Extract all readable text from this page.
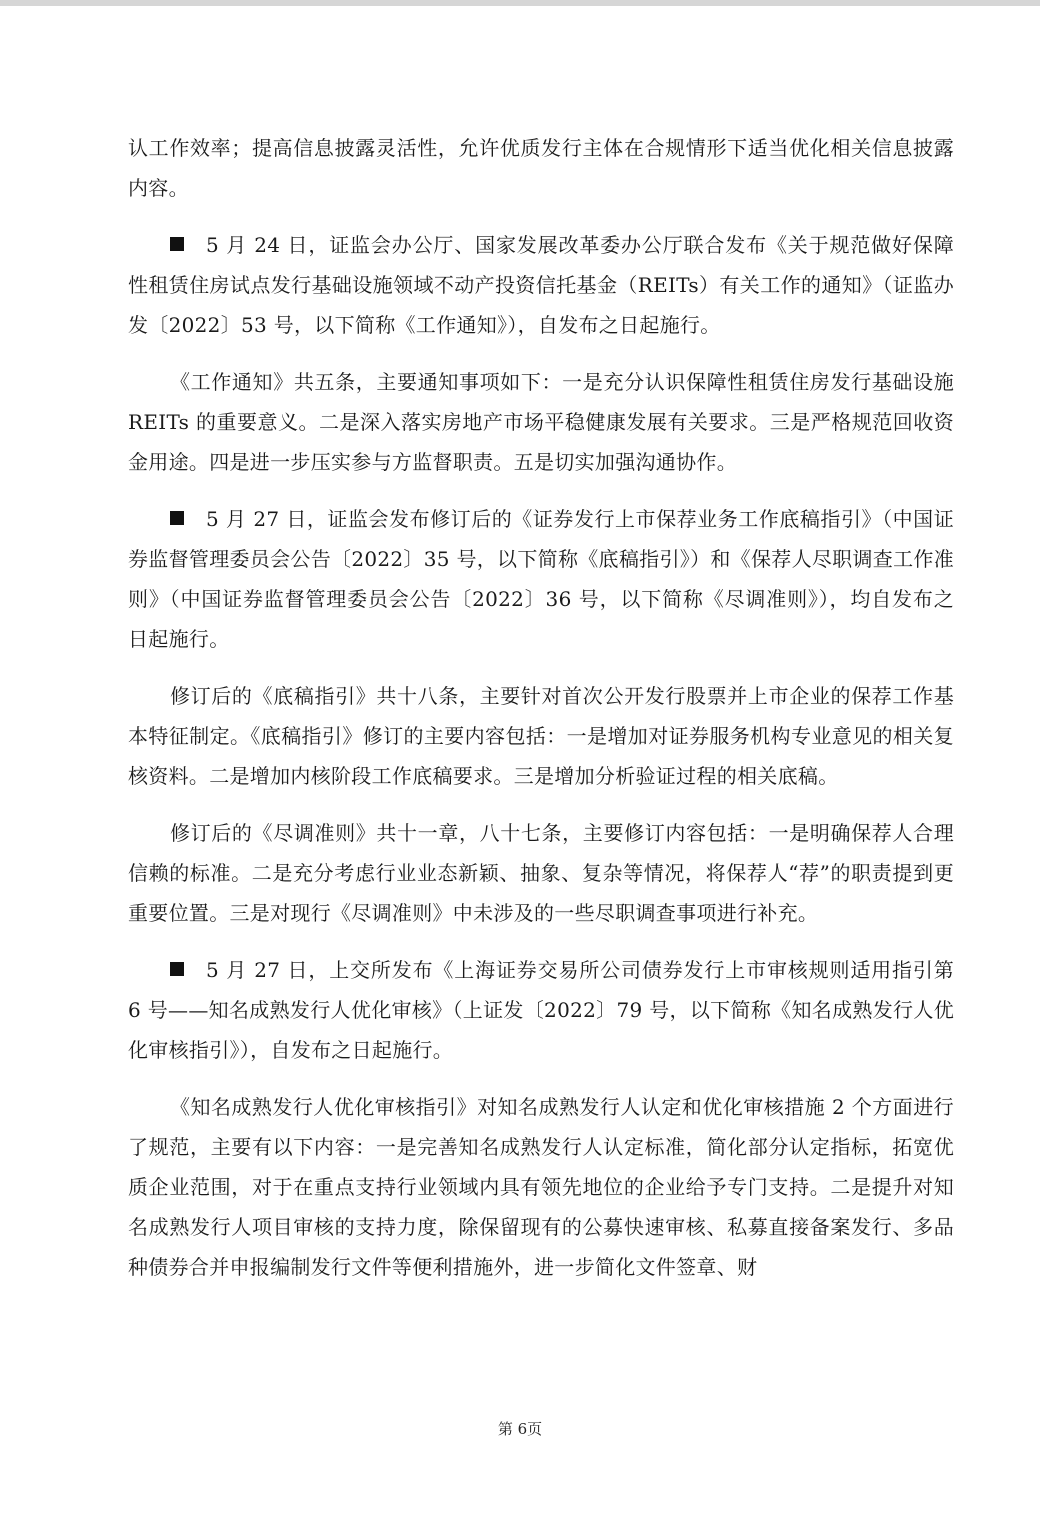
认工作效率；提高信息披露灵活性，允许优质发行主体在合规情形下适当优化相关信息披露内容。

5 月 24 日，证监会办公厅、国家发展改革委办公厅联合发布《关于规范做好保障性租赁住房试点发行基础设施领域不动产投资信托基金（REITs）有关工作的通知》（证监办发〔2022〕53 号，以下简称《工作通知》），自发布之日起施行。

《工作通知》共五条，主要通知事项如下：一是充分认识保障性租赁住房发行基础设施 REITs 的重要意义。二是深入落实房地产市场平稳健康发展有关要求。三是严格规范回收资金用途。四是进一步压实参与方监督职责。五是切实加强沟通协作。

5 月 27 日，证监会发布修订后的《证券发行上市保荐业务工作底稿指引》（中国证券监督管理委员会公告〔2022〕35 号，以下简称《底稿指引》）和《保荐人尽职调查工作准则》（中国证券监督管理委员会公告〔2022〕36 号，以下简称《尽调准则》），均自发布之日起施行。

修订后的《底稿指引》共十八条，主要针对首次公开发行股票并上市企业的保荐工作基本特征制定。《底稿指引》修订的主要内容包括：一是增加对证券服务机构专业意见的相关复核资料。二是增加内核阶段工作底稿要求。三是增加分析验证过程的相关底稿。

修订后的《尽调准则》共十一章，八十七条，主要修订内容包括：一是明确保荐人合理信赖的标准。二是充分考虑行业业态新颖、抽象、复杂等情况，将保荐人“荐”的职责提到更重要位置。三是对现行《尽调准则》中未涉及的一些尽职调查事项进行补充。

5 月 27 日，上交所发布《上海证券交易所公司债券发行上市审核规则适用指引第 6 号——知名成熟发行人优化审核》（上证发〔2022〕79 号，以下简称《知名成熟发行人优化审核指引》），自发布之日起施行。

《知名成熟发行人优化审核指引》对知名成熟发行人认定和优化审核措施 2 个方面进行了规范，主要有以下内容：一是完善知名成熟发行人认定标准，简化部分认定指标，拓宽优质企业范围，对于在重点支持行业领域内具有领先地位的企业给予专门支持。二是提升对知名成熟发行人项目审核的支持力度，除保留现有的公募快速审核、私募直接备案发行、多品种债券合并申报编制发行文件等便利措施外，进一步简化文件签章、财

第 6页
